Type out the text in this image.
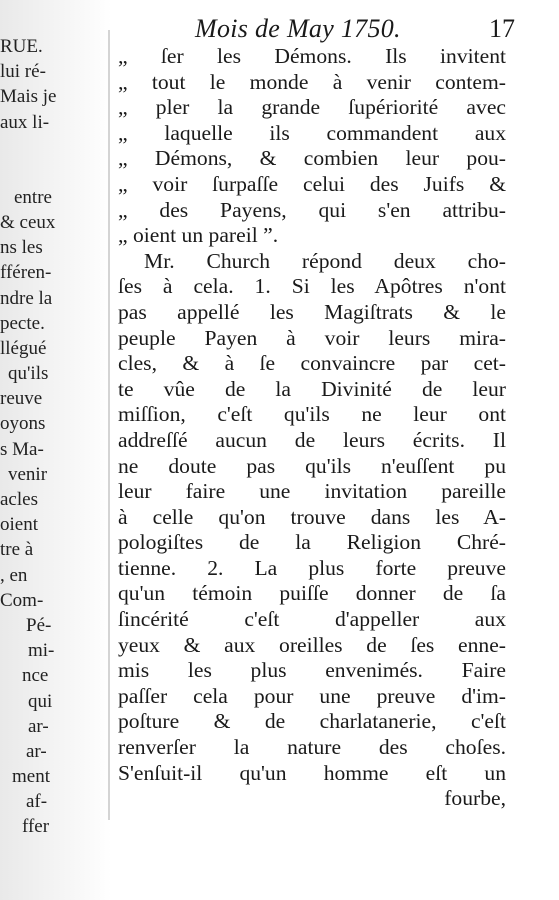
RUE.
lui ré-
Mais je
aux li-
entre
& ceux
ns les
fféren-
ndre la
pecte.
llégué
qu'ils
reuve
oyons
s Ma-
venir
acles
oient
tre à
, en
Com-
Pé-
mi-
nce
qui
ar-
ar-
ment
af-
ffer
Mois de May 1750.	17
„ ſer les Démons. Ils invitent
„ tout le monde à venir contem-
„ pler la grande ſupériorité avec
„ laquelle ils commandent aux
„ Démons, & combien leur pou-
„ voir ſurpaſſe celui des Juifs &
„ des Payens, qui s'en attribu-
„ oient un pareil ”.
Mr. Church répond deux cho-
ſes à cela. 1. Si les Apôtres n'ont
pas appellé les Magiſtrats & le
peuple Payen à voir leurs mira-
cles, & à ſe convaincre par cet-
te vûe de la Divinité de leur
miſſion, c'eſt qu'ils ne leur ont
addreſſé aucun de leurs écrits. Il
ne doute pas qu'ils n'euſſent pu
leur faire une invitation pareille
à celle qu'on trouve dans les A-
pologiſtes de la Religion Chré-
tienne. 2. La plus forte preuve
qu'un témoin puiſſe donner de ſa
ſincérité c'eſt d'appeller aux
yeux & aux oreilles de ſes enne-
mis les plus envenimés. Faire
paſſer cela pour une preuve d'im-
poſture & de charlatanerie, c'eſt
renverſer la nature des choſes.
S'enſuit-il qu'un homme eſt un
fourbe,
